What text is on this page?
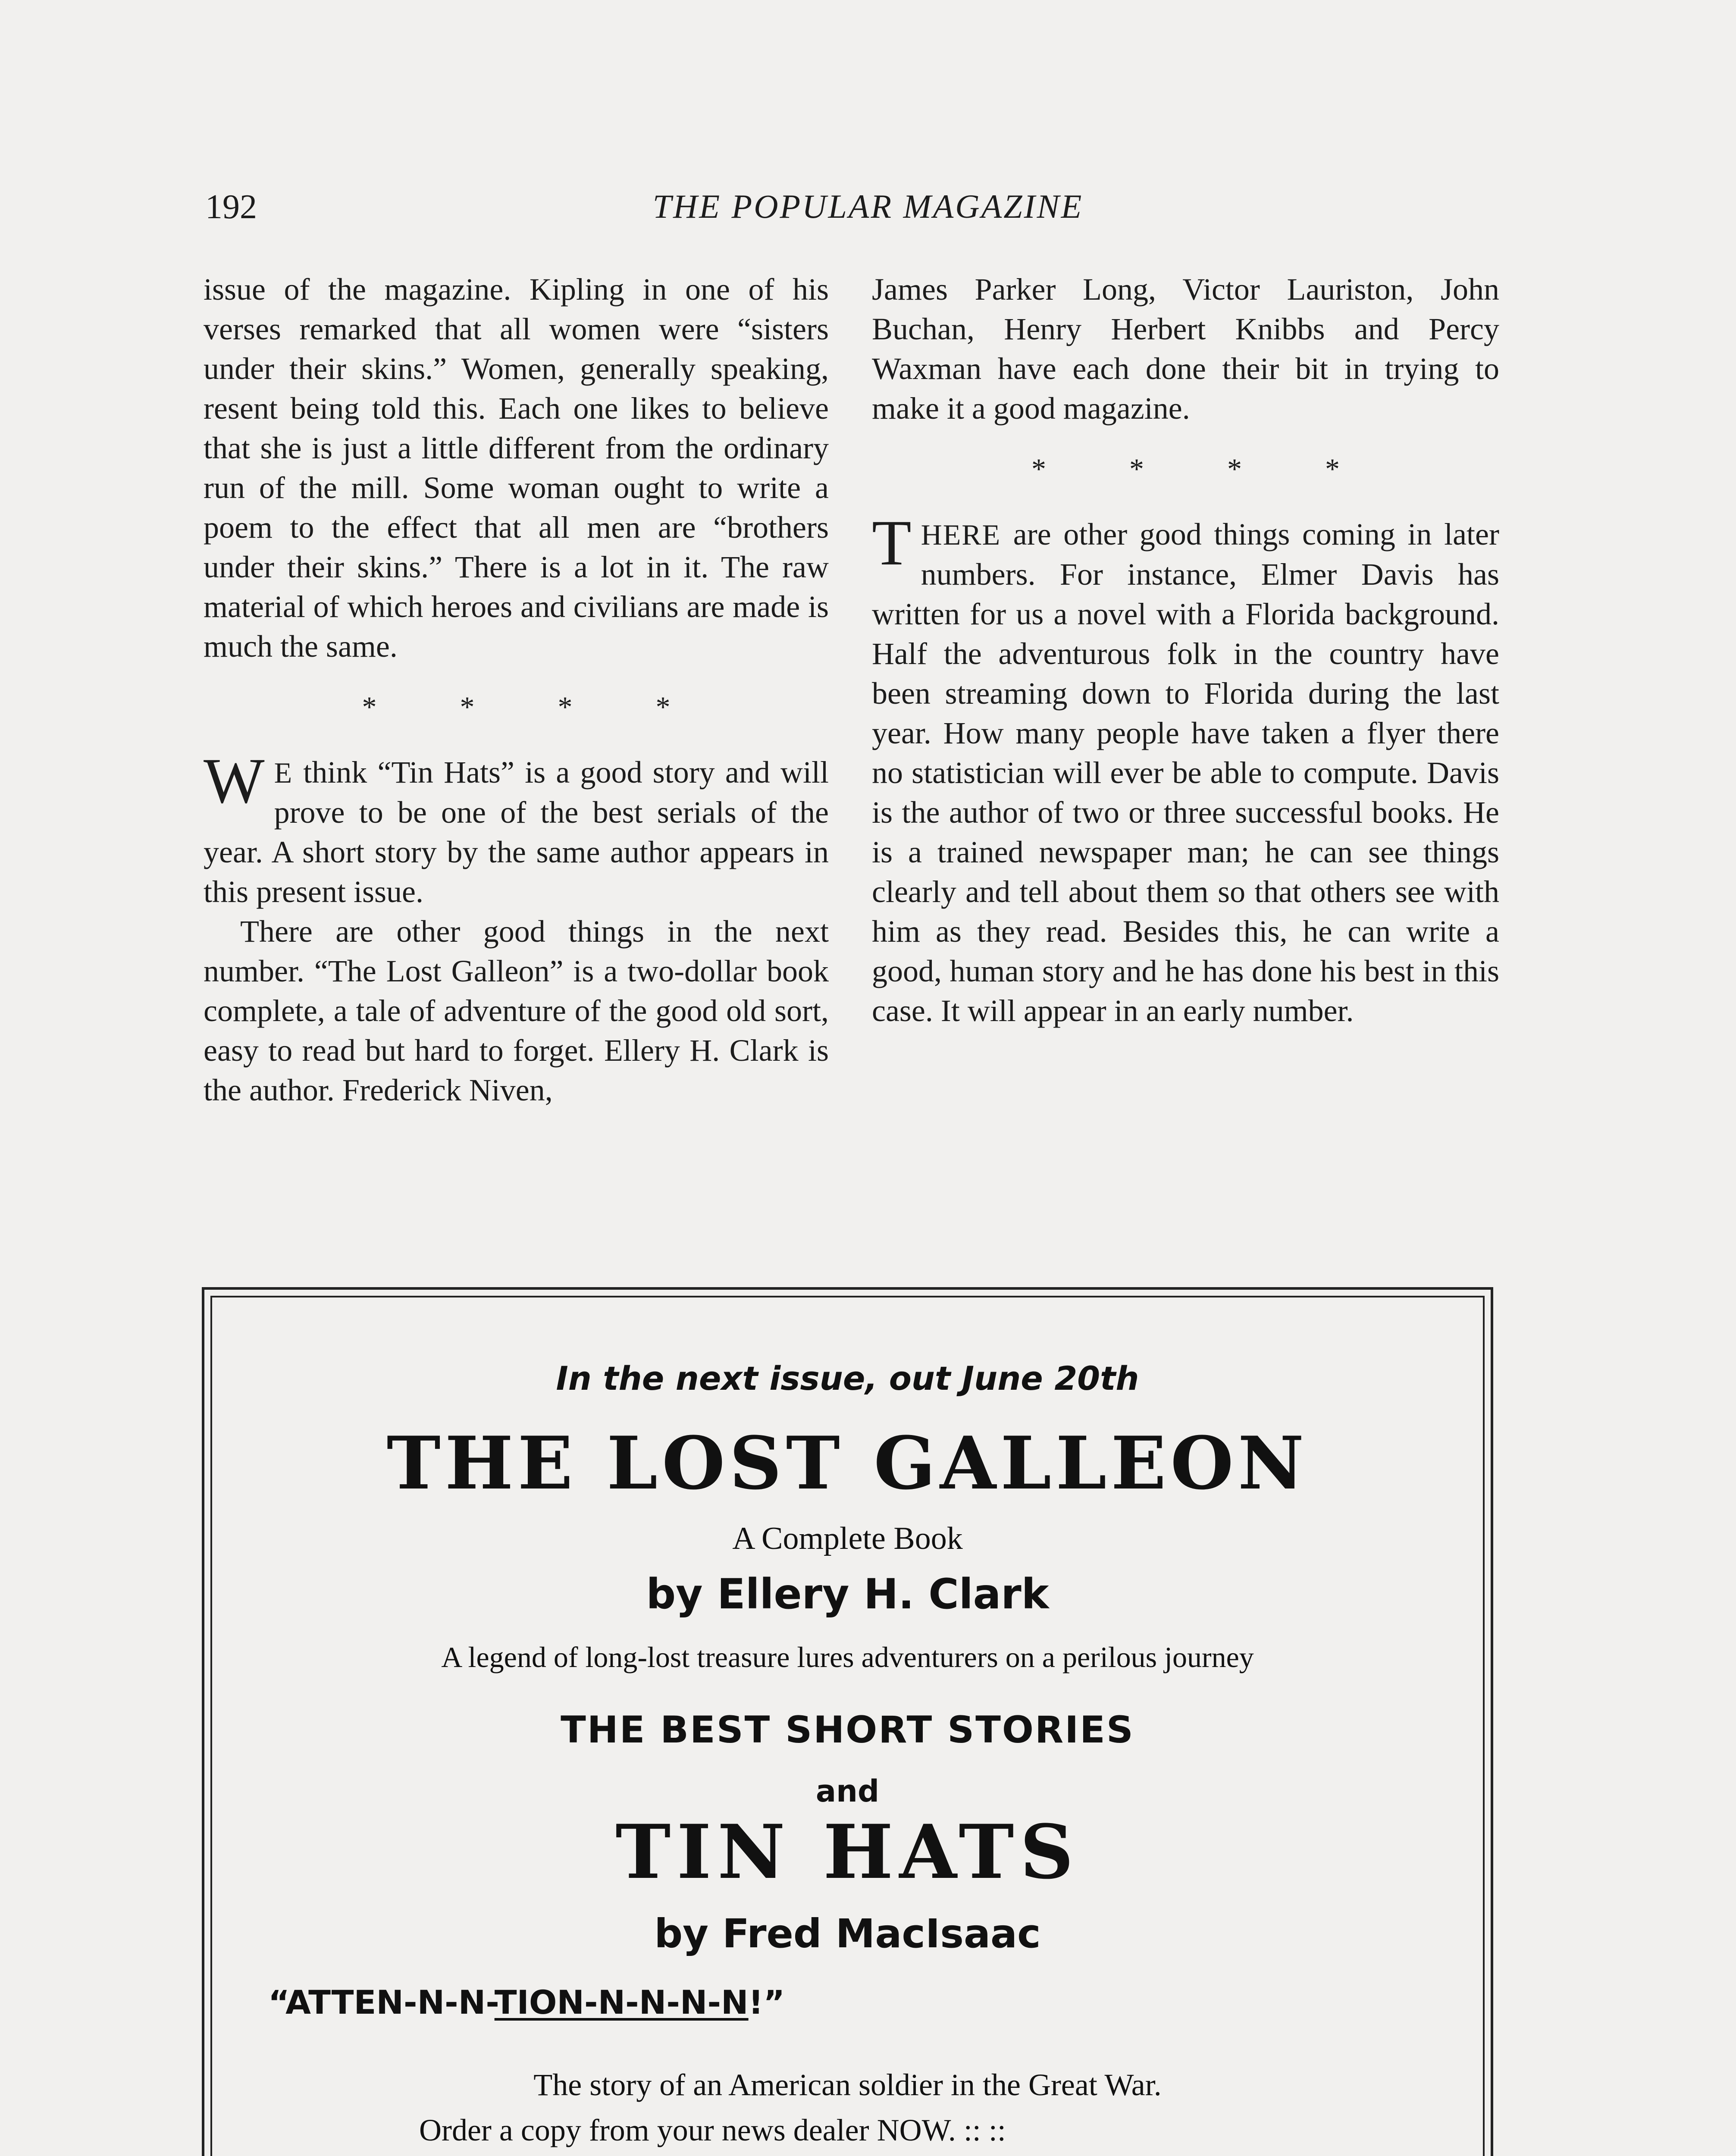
192	THE POPULAR MAGAZINE

issue of the magazine. Kipling in one of his verses remarked that all women were “sisters under their skins.” Women, generally speaking, resent being told this. Each one likes to believe that she is just a little different from the ordinary run of the mill. Some woman ought to write a poem to the effect that all men are “brothers under their skins.” There is a lot in it. The raw material of which heroes and civilians are made is much the same.

* * * *

W E think “Tin Hats” is a good story and will prove to be one of the best serials of the year. A short story by the same author appears in this present issue.

There are other good things in the next number. “The Lost Galleon” is a two-dollar book complete, a tale of adventure of the good old sort, easy to read but hard to forget. Ellery H. Clark is the author. Frederick Niven,

James Parker Long, Victor Lauriston, John Buchan, Henry Herbert Knibbs and Percy Waxman have each done their bit in trying to make it a good magazine.

* * * *

THERE are other good things coming in later numbers. For instance, Elmer Davis has written for us a novel with a Florida background. Half the adventurous folk in the country have been streaming down to Florida during the last year. How many people have taken a flyer there no statistician will ever be able to compute. Davis is the author of two or three successful books. He is a trained newspaper man; he can see things clearly and tell about them so that others see with him as they read. Besides this, he can write a good, human story and he has done his best in this case. It will appear in an early number.

In the next issue, out June 20th
THE LOST GALLEON
A Complete Book
by Ellery H. Clark
A legend of long-lost treasure lures adventurers on a perilous journey
THE BEST SHORT STORIES
and
TIN HATS
by Fred MacIsaac
“ATTEN-N-N-TION-N-N-N-N!”
The story of an American soldier in the Great War.
Order a copy from your news dealer NOW. :: ::
